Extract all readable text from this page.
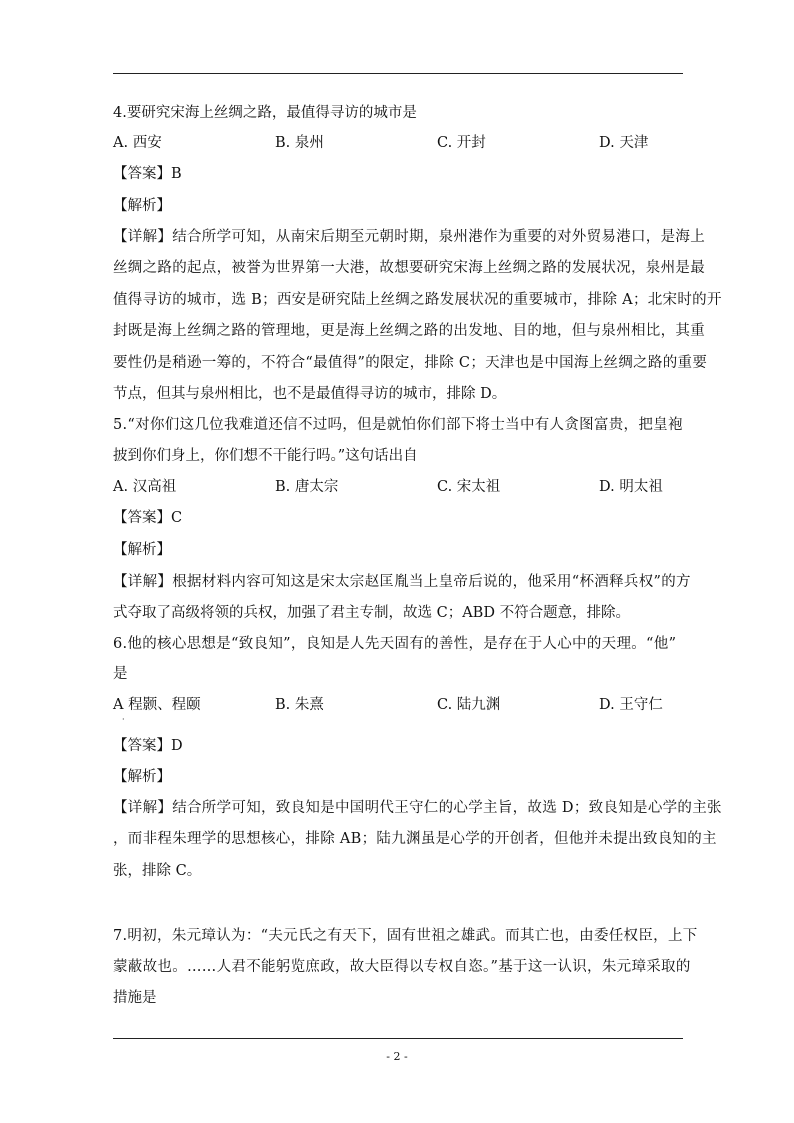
4.要研究宋海上丝绸之路，最值得寻访的城市是
A. 西安	B. 泉州	C. 开封	D. 天津
【答案】B
【解析】
【详解】结合所学可知，从南宋后期至元朝时期，泉州港作为重要的对外贸易港口，是海上
丝绸之路的起点，被誉为世界第一大港，故想要研究宋海上丝绸之路的发展状况，泉州是最
值得寻访的城市，选 B；西安是研究陆上丝绸之路发展状况的重要城市，排除 A；北宋时的开
封既是海上丝绸之路的管理地，更是海上丝绸之路的出发地、目的地，但与泉州相比，其重
要性仍是稍逊一筹的，不符合“最值得”的限定，排除 C；天津也是中国海上丝绸之路的重要
节点，但其与泉州相比，也不是最值得寻访的城市，排除 D。
5.“对你们这几位我难道还信不过吗，但是就怕你们部下将士当中有人贪图富贵，把皇袍
披到你们身上，你们想不干能行吗。”这句话出自
A. 汉高祖	B. 唐太宗	C. 宋太祖	D. 明太祖
【答案】C
【解析】
【详解】根据材料内容可知这是宋太宗赵匡胤当上皇帝后说的，他采用“杯酒释兵权”的方
式夺取了高级将领的兵权，加强了君主专制，故选 C；ABD 不符合题意，排除。
6.他的核心思想是“致良知”，良知是人先天固有的善性，是存在于人心中的天理。“他”
是
A 程颢、程颐
·
B. 朱熹	C. 陆九渊	D. 王守仁
【答案】D
【解析】
【详解】结合所学可知，致良知是中国明代王守仁的心学主旨，故选 D；致良知是心学的主张
，而非程朱理学的思想核心，排除 AB；陆九渊虽是心学的开创者，但他并未提出致良知的主
张，排除 C。
7.明初，朱元璋认为：“夫元氏之有天下，固有世祖之雄武。而其亡也，由委任权臣，上下
蒙蔽故也。……人君不能躬览庶政，故大臣得以专权自恣。”基于这一认识，朱元璋采取的
措施是
- 2 -
